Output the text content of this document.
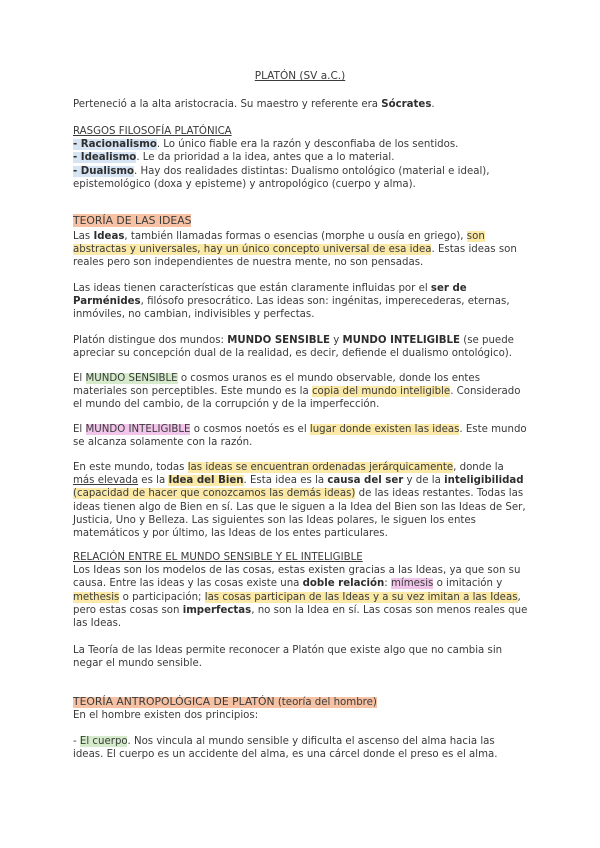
PLATÓN (SV a.C.)
Perteneció a la alta aristocracia. Su maestro y referente era Sócrates.
RASGOS FILOSOFÍA PLATÓNICA
- Racionalismo. Lo único fiable era la razón y desconfiaba de los sentidos.
- Idealismo. Le da prioridad a la idea, antes que a lo material.
- Dualismo. Hay dos realidades distintas: Dualismo ontológico (material e ideal), epistemológico (doxa y episteme) y antropológico (cuerpo y alma).
TEORÍA DE LAS IDEAS
Las Ideas, también llamadas formas o esencias (morphe u ousía en griego), son abstractas y universales, hay un único concepto universal de esa idea. Estas ideas son reales pero son independientes de nuestra mente, no son pensadas.
Las ideas tienen características que están claramente influidas por el ser de Parménides, filósofo presocrático. Las ideas son: ingénitas, imperecederas, eternas, inmóviles, no cambian, indivisibles y perfectas.
Platón distingue dos mundos: MUNDO SENSIBLE y MUNDO INTELIGIBLE (se puede apreciar su concepción dual de la realidad, es decir, defiende el dualismo ontológico).
El MUNDO SENSIBLE o cosmos uranos es el mundo observable, donde los entes materiales son perceptibles. Este mundo es la copia del mundo inteligible. Considerado el mundo del cambio, de la corrupción y de la imperfección.
El MUNDO INTELIGIBLE o cosmos noetós es el lugar donde existen las ideas. Este mundo se alcanza solamente con la razón.
En este mundo, todas las ideas se encuentran ordenadas jerárquicamente, donde la más elevada es la Idea del Bien. Esta idea es la causa del ser y de la inteligibilidad (capacidad de hacer que conozcamos las demás ideas) de las ideas restantes. Todas las ideas tienen algo de Bien en sí. Las que le siguen a la Idea del Bien son las Ideas de Ser, Justicia, Uno y Belleza. Las siguientes son las Ideas polares, le siguen los entes matemáticos y por último, las Ideas de los entes particulares.
RELACIÓN ENTRE EL MUNDO SENSIBLE Y EL INTELIGIBLE
Los Ideas son los modelos de las cosas, estas existen gracias a las Ideas, ya que son su causa. Entre las ideas y las cosas existe una doble relación: mímesis o imitación y methesis o participación; las cosas participan de las Ideas y a su vez imitan a las Ideas, pero estas cosas son imperfectas, no son la Idea en sí. Las cosas son menos reales que las Ideas.
La Teoría de las Ideas permite reconocer a Platón que existe algo que no cambia sin negar el mundo sensible.
TEORÍA ANTROPOLÓGICA DE PLATÓN (teoría del hombre)
En el hombre existen dos principios:
- El cuerpo. Nos vincula al mundo sensible y dificulta el ascenso del alma hacia las ideas. El cuerpo es un accidente del alma, es una cárcel donde el preso es el alma.
